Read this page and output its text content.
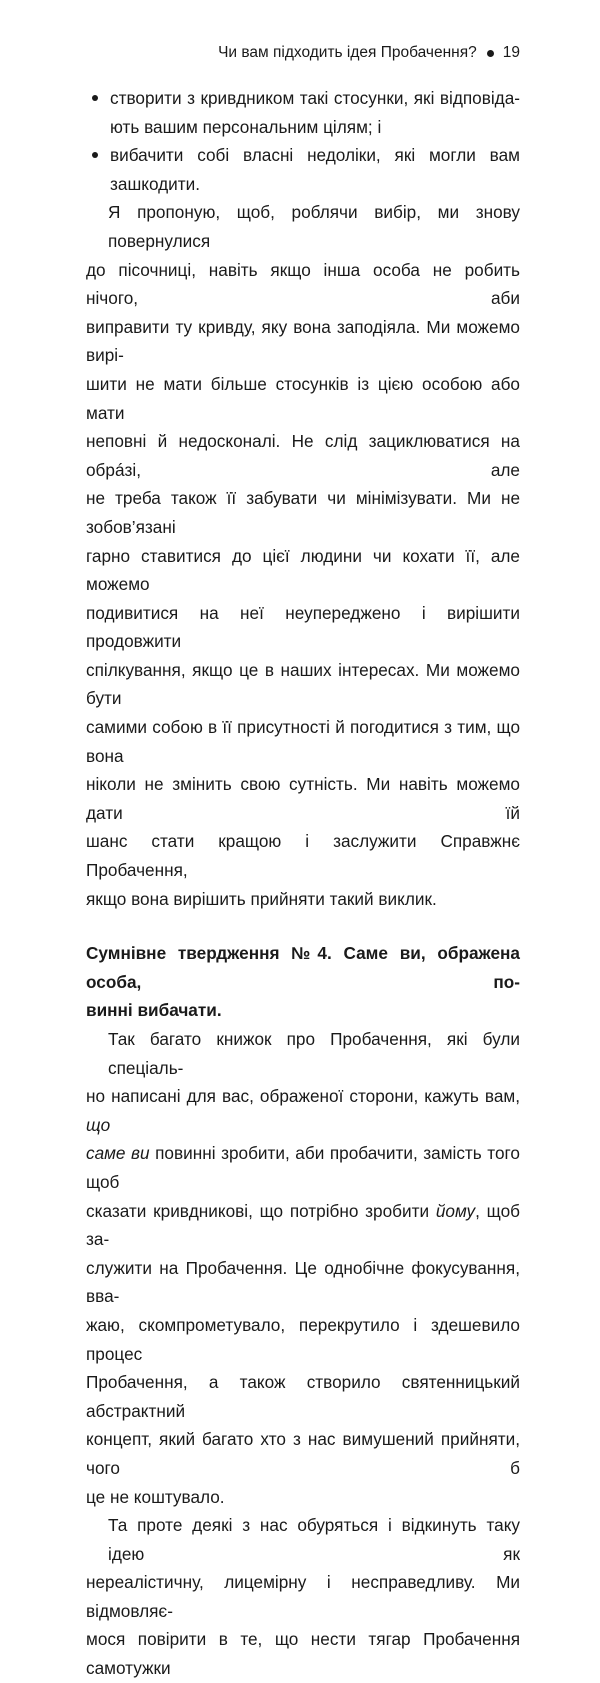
Чи вам підходить ідея Пробачення? 19
створити з кривдником такі стосунки, які відповіда-
ють вашим персональним цілям; і
вибачити собі власні недоліки, які могли вам зашкодити.
Я пропоную, щоб, роблячи вибір, ми знову повернулися
до пісочниці, навіть якщо інша особа не робить нічого, аби
виправити ту кривду, яку вона заподіяла. Ми можемо вирі-
шити не мати більше стосунків із цією особою або мати
неповні й недосконалі. Не слід зациклюватися на обрáзі, але
не треба також її забувати чи мінімізувати. Ми не зобов’язані
гарно ставитися до цієї людини чи кохати її, але можемо
подивитися на неї неупереджено і вирішити продовжити
спілкування, якщо це в наших інтересах. Ми можемо бути
самими собою в її присутності й погодитися з тим, що вона
ніколи не змінить свою сутність. Ми навіть можемо дати їй
шанс стати кращою і заслужити Справжнє Пробачення,
якщо вона вирішить прийняти такий виклик.
Сумнівне твердження №4. Саме ви, ображена особа, по-
винні вибачати.
Так багато книжок про Пробачення, які були спеціаль-
но написані для вас, ображеної сторони, кажуть вам, що
саме ви повинні зробити, аби пробачити, замість того щоб
сказати кривдникові, що потрібно зробити йому, щоб за-
служити на Пробачення. Це однобічне фокусування, вва-
жаю, скомпрометувало, перекрутило і здешевило процес
Пробачення, а також створило святенницький абстрактний
концепт, який багато хто з нас вимушений прийняти, чого б
це не коштувало.
Та проте деякі з нас обуряться і відкинуть таку ідею як
нереалістичну, лицемірну і несправедливу. Ми відмовляє-
мося повірити в те, що нести тягар Пробачення самотужки
